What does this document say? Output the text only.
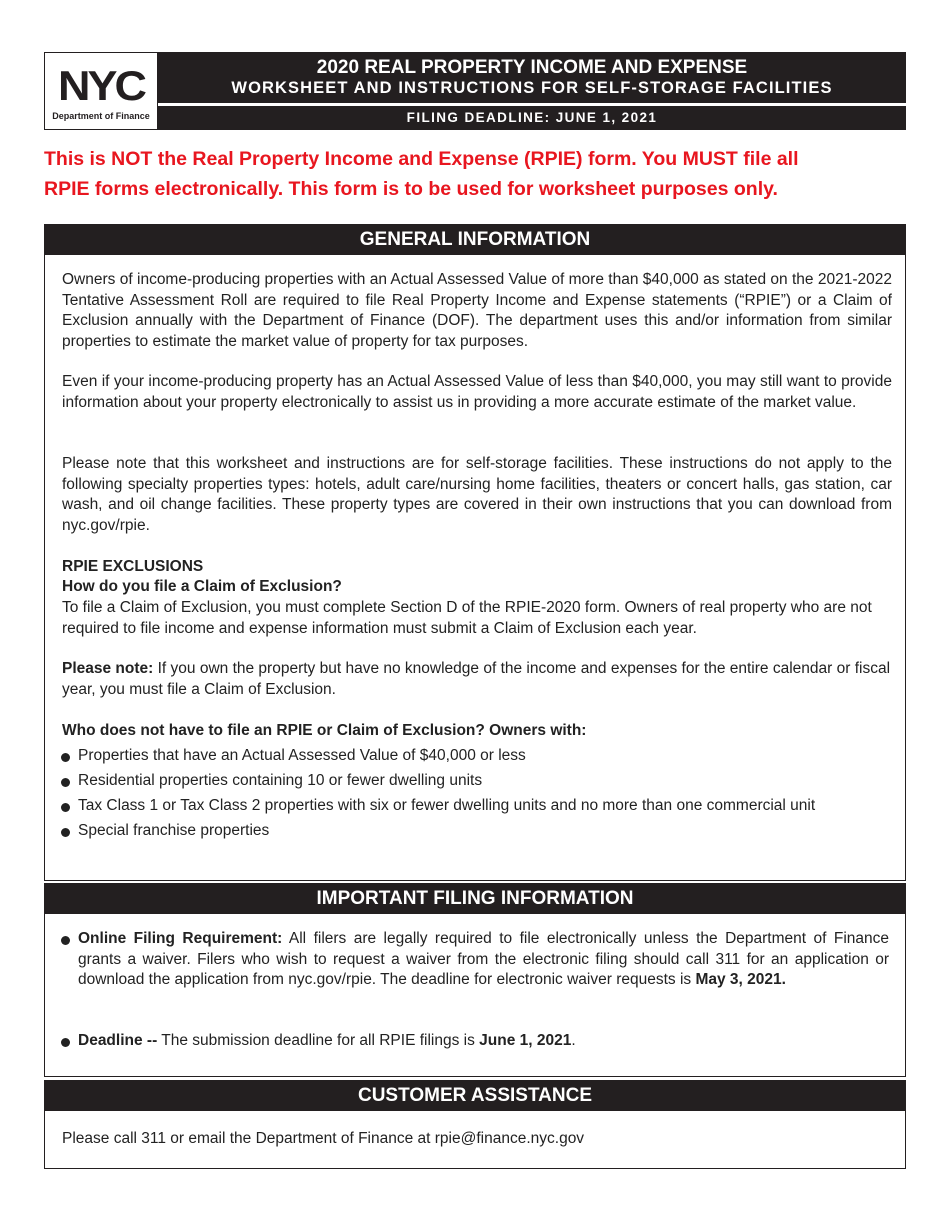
NYC
Department of Finance
2020 REAL PROPERTY INCOME AND EXPENSE
WORKSHEET AND INSTRUCTIONS FOR SELF-STORAGE FACILITIES
FILING DEADLINE: JUNE 1, 2021
This is NOT the Real Property Income and Expense (RPIE) form. You MUST file all
RPIE forms electronically. This form is to be used for worksheet purposes only.
GENERAL INFORMATION
Owners of income-producing properties with an Actual Assessed Value of more than $40,000 as stated on the 2021-2022 Tentative Assessment Roll are required to file Real Property Income and Expense statements (“RPIE”) or a Claim of Exclusion annually with the Department of Finance (DOF). The department uses this and/or information from similar properties to estimate the market value of property for tax purposes.
Even if your income-producing property has an Actual Assessed Value of less than $40,000, you may still want to provide information about your property electronically to assist us in providing a more accurate estimate of the market value.
Please note that this worksheet and instructions are for self-storage facilities. These instructions do not apply to the following specialty properties types: hotels, adult care/nursing home facilities, theaters or concert halls, gas station, car wash, and oil change facilities. These property types are covered in their own instructions that you can download from nyc.gov/rpie.
RPIE EXCLUSIONS
How do you file a Claim of Exclusion?
To file a Claim of Exclusion, you must complete Section D of the RPIE-2020 form. Owners of real property who are not required to file income and expense information must submit a Claim of Exclusion each year.
Please note: If you own the property but have no knowledge of the income and expenses for the entire calendar or fiscal year, you must file a Claim of Exclusion.
Who does not have to file an RPIE or Claim of Exclusion? Owners with:
Properties that have an Actual Assessed Value of $40,000 or less
Residential properties containing 10 or fewer dwelling units
Tax Class 1 or Tax Class 2 properties with six or fewer dwelling units and no more than one commercial unit
Special franchise properties
IMPORTANT FILING INFORMATION
Online Filing Requirement: All filers are legally required to file electronically unless the Department of Finance grants a waiver. Filers who wish to request a waiver from the electronic filing should call 311 for an application or download the application from nyc.gov/rpie. The deadline for electronic waiver requests is May 3, 2021.
Deadline -- The submission deadline for all RPIE filings is June 1, 2021.
CUSTOMER ASSISTANCE
Please call 311 or email the Department of Finance at rpie@finance.nyc.gov
